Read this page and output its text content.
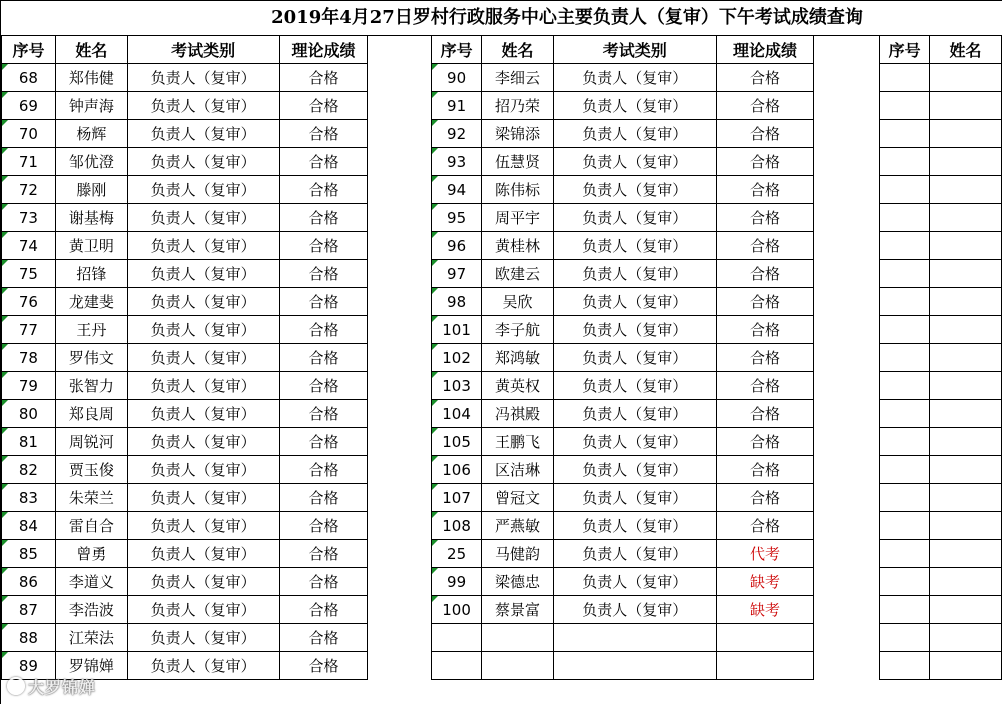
2019年4月27日罗村行政服务中心主要负责人（复审）下午考试成绩查询
序号	姓名	考试类别	理论成绩		序号	姓名	考试类别	理论成绩		序号	姓名

68	郑伟健	负责人（复审）	合格		90	李细云	负责人（复审）	合格			

69	钟声海	负责人（复审）	合格		91	招乃荣	负责人（复审）	合格			

70	杨辉	负责人（复审）	合格		92	梁锦添	负责人（复审）	合格			

71	邹优澄	负责人（复审）	合格		93	伍慧贤	负责人（复审）	合格			

72	滕刚	负责人（复审）	合格		94	陈伟标	负责人（复审）	合格			

73	谢基梅	负责人（复审）	合格		95	周平宇	负责人（复审）	合格			

74	黄卫明	负责人（复审）	合格		96	黄桂林	负责人（复审）	合格			

75	招锋	负责人（复审）	合格		97	欧建云	负责人（复审）	合格			

76	龙建斐	负责人（复审）	合格		98	吴欣	负责人（复审）	合格			

77	王丹	负责人（复审）	合格		101	李子航	负责人（复审）	合格			

78	罗伟文	负责人（复审）	合格		102	郑鸿敏	负责人（复审）	合格			

79	张智力	负责人（复审）	合格		103	黄英权	负责人（复审）	合格			

80	郑良周	负责人（复审）	合格		104	冯祺殿	负责人（复审）	合格			

81	周锐河	负责人（复审）	合格		105	王鹏飞	负责人（复审）	合格			

82	贾玉俊	负责人（复审）	合格		106	区洁琳	负责人（复审）	合格			

83	朱荣兰	负责人（复审）	合格		107	曾冠文	负责人（复审）	合格			

84	雷自合	负责人（复审）	合格		108	严燕敏	负责人（复审）	合格			

85	曾勇	负责人（复审）	合格		25	马健韵	负责人（复审）	代考			

86	李道义	负责人（复审）	合格		99	梁德忠	负责人（复审）	缺考			

87	李浩波	负责人（复审）	合格		100	蔡景富	负责人（复审）	缺考			

88	江荣法	负责人（复审）	合格								

89	罗锦婵	负责人（复审）	合格								
大罗锦婵
